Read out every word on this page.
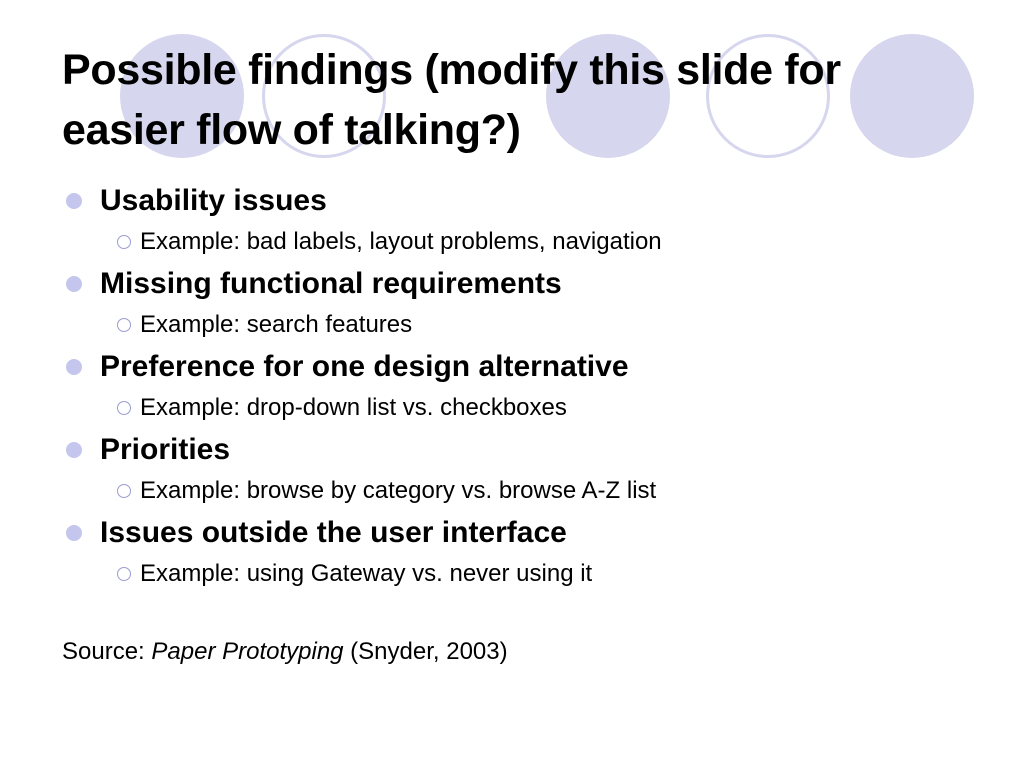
Possible findings (modify this slide for
easier flow of talking?)
Usability issues
Example: bad labels, layout problems, navigation
Missing functional requirements
Example: search features
Preference for one design alternative
Example: drop-down list vs. checkboxes
Priorities
Example: browse by category vs. browse A-Z list
Issues outside the user interface
Example: using Gateway vs. never using it
Source: Paper Prototyping (Snyder, 2003)
